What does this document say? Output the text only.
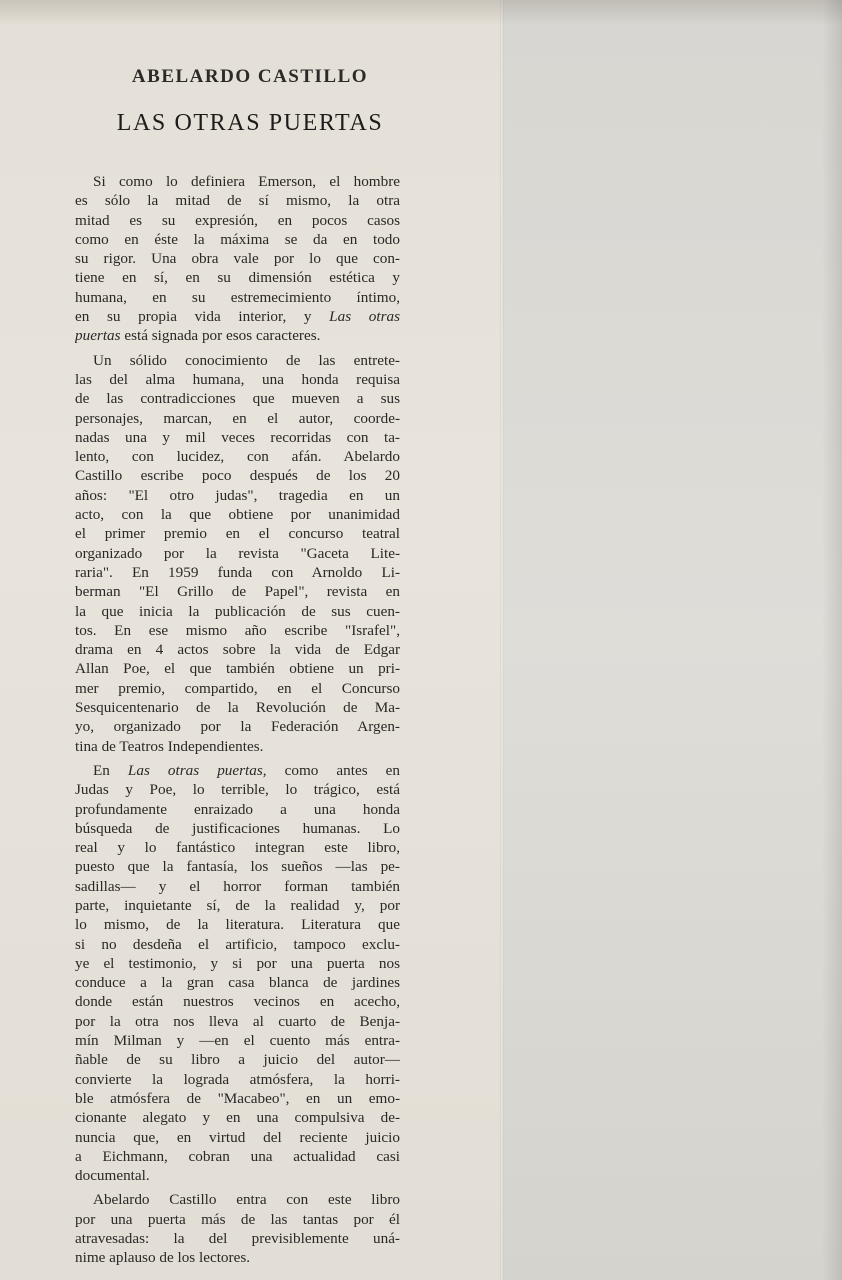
ABELARDO CASTILLO
LAS OTRAS PUERTAS

Si como lo definiera Emerson, el hombre
es sólo la mitad de sí mismo, la otra
mitad es su expresión, en pocos casos
como en éste la máxima se da en todo
su rigor. Una obra vale por lo que con-
tiene en sí, en su dimensión estética y
humana, en su estremecimiento íntimo,
en su propia vida interior, y Las otras
puertas está signada por esos caracteres.

Un sólido conocimiento de las entrete-
las del alma humana, una honda requisa
de las contradicciones que mueven a sus
personajes, marcan, en el autor, coorde-
nadas una y mil veces recorridas con ta-
lento, con lucidez, con afán. Abelardo
Castillo escribe poco después de los 20
años: "El otro judas", tragedia en un
acto, con la que obtiene por unanimidad
el primer premio en el concurso teatral
organizado por la revista "Gaceta Lite-
raria". En 1959 funda con Arnoldo Li-
berman "El Grillo de Papel", revista en
la que inicia la publicación de sus cuen-
tos. En ese mismo año escribe "Israfel",
drama en 4 actos sobre la vida de Edgar
Allan Poe, el que también obtiene un pri-
mer premio, compartido, en el Concurso
Sesquicentenario de la Revolución de Ma-
yo, organizado por la Federación Argen-
tina de Teatros Independientes.

En Las otras puertas, como antes en
Judas y Poe, lo terrible, lo trágico, está
profundamente enraizado a una honda
búsqueda de justificaciones humanas. Lo
real y lo fantástico integran este libro,
puesto que la fantasía, los sueños —las pe-
sadillas— y el horror forman también
parte, inquietante sí, de la realidad y, por
lo mismo, de la literatura. Literatura que
si no desdeña el artificio, tampoco exclu-
ye el testimonio, y si por una puerta nos
conduce a la gran casa blanca de jardines
donde están nuestros vecinos en acecho,
por la otra nos lleva al cuarto de Benja-
mín Milman y —en el cuento más entra-
ñable de su libro a juicio del autor—
convierte la lograda atmósfera, la horri-
ble atmósfera de "Macabeo", en un emo-
cionante alegato y en una compulsiva de-
nuncia que, en virtud del reciente juicio
a Eichmann, cobran una actualidad casi
documental.

Abelardo Castillo entra con este libro
por una puerta más de las tantas por él
atravesadas: la del previsiblemente uná-
nime aplauso de los lectores.
